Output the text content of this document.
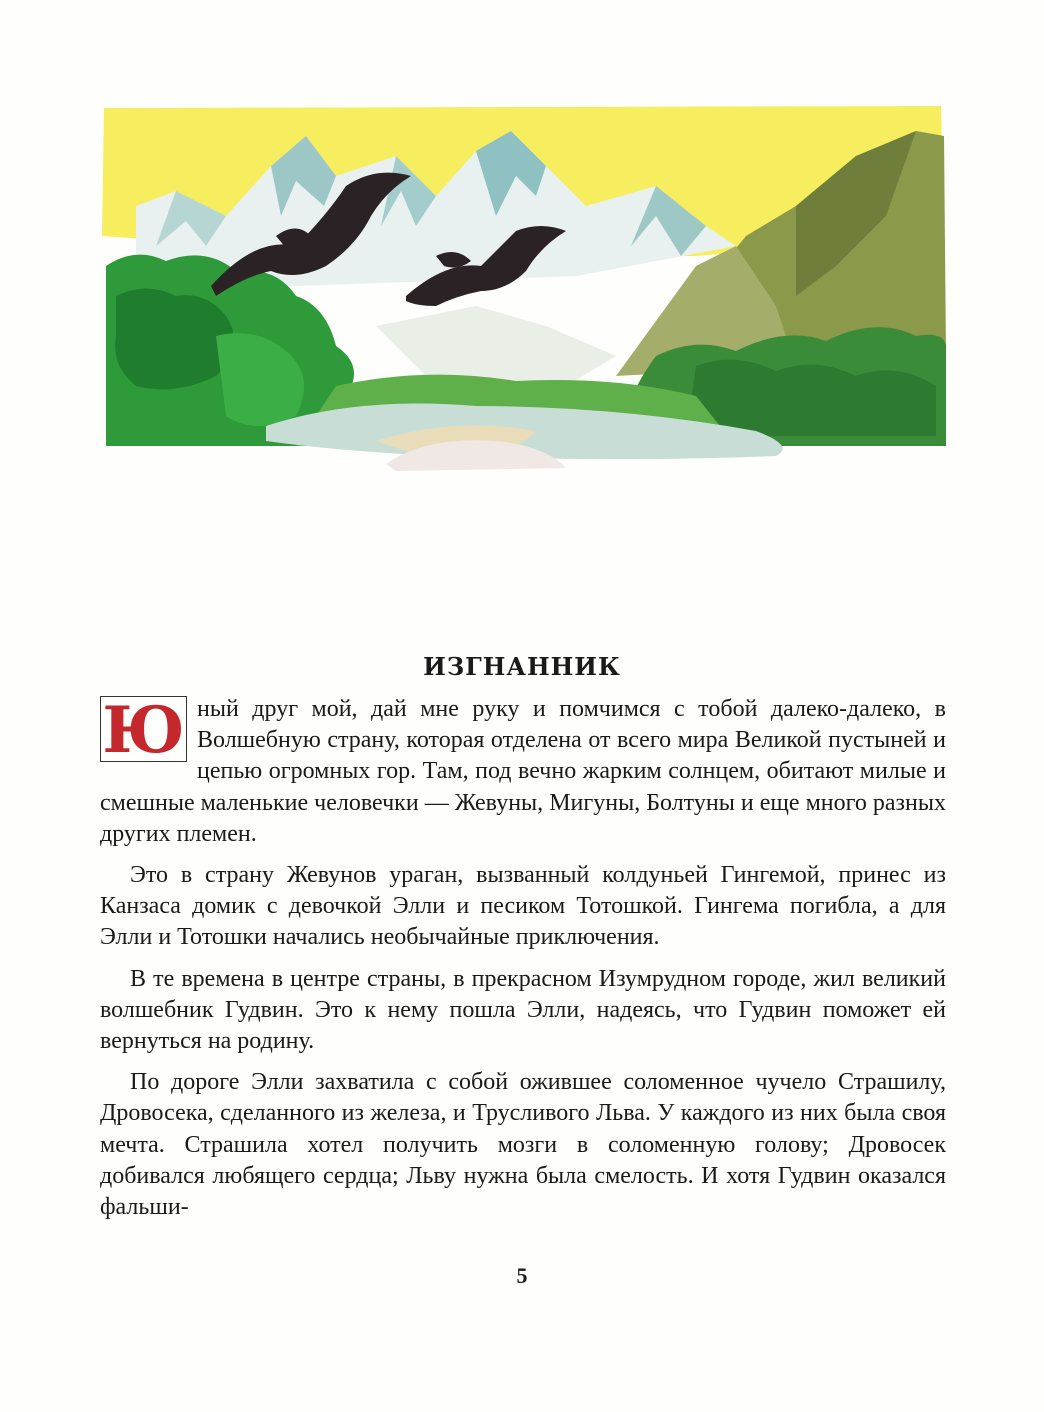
ИЗГНАННИК

Ю ный друг мой, дай мне руку и помчимся с тобой далеко-далеко, в Волшебную страну, которая отделена от всего мира Великой пустыней и цепью огромных гор. Там, под вечно жарким солнцем, обитают милые и смешные маленькие человечки — Жевуны, Мигуны, Болтуны и еще много разных других племен.

Это в страну Жевунов ураган, вызванный колдуньей Гингемой, принес из Канзаса домик с девочкой Элли и песиком Тотошкой. Гингема погибла, а для Элли и Тотошки начались необычайные приключения.

В те времена в центре страны, в прекрасном Изумрудном городе, жил великий волшебник Гудвин. Это к нему пошла Элли, надеясь, что Гудвин поможет ей вернуться на родину.

По дороге Элли захватила с собой ожившее соломенное чучело Страшилу, Дровосека, сделанного из железа, и Трусливого Льва. У каждого из них была своя мечта. Страшила хотел получить мозги в соломенную голову; Дровосек добивался любящего сердца; Льву нужна была смелость. И хотя Гудвин оказался фальши-

5
